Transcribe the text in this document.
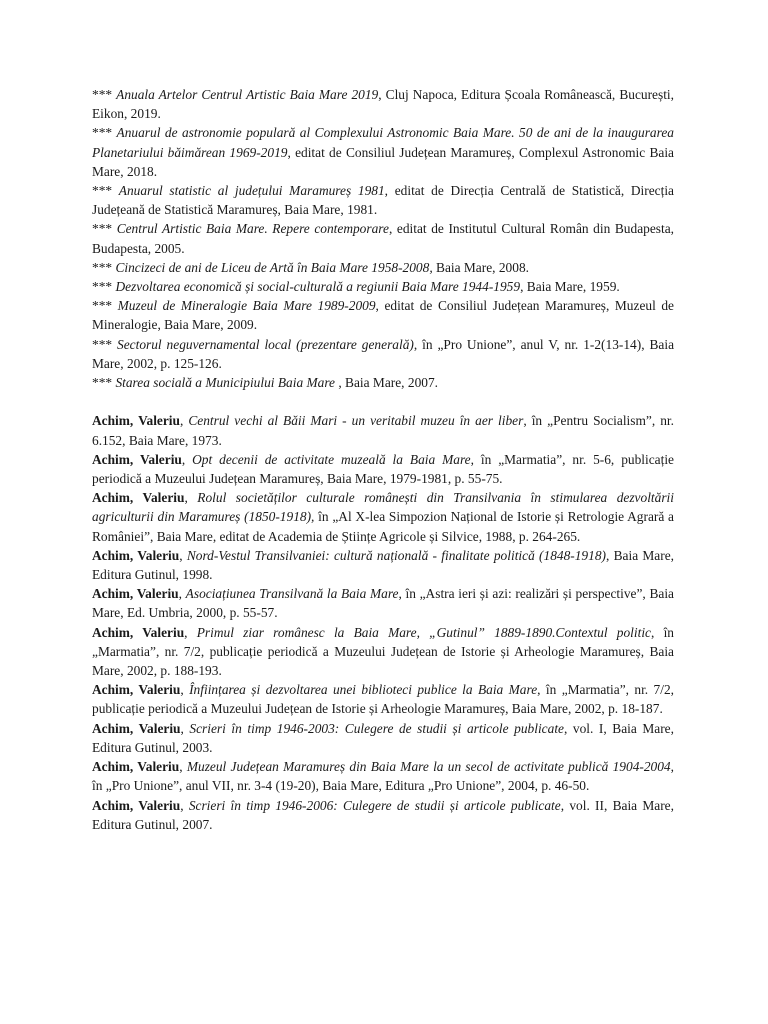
*** Anuala Artelor Centrul Artistic Baia Mare 2019, Cluj Napoca, Editura Școala Românească, București, Eikon, 2019.

*** Anuarul de astronomie populară al Complexului Astronomic Baia Mare. 50 de ani de la inaugurarea Planetariului băimărean 1969-2019, editat de Consiliul Județean Maramureș, Complexul Astronomic Baia Mare, 2018.

*** Anuarul statistic al județului Maramureș 1981, editat de Direcția Centrală de Statistică, Direcția Județeană de Statistică Maramureș, Baia Mare, 1981.

*** Centrul Artistic Baia Mare. Repere contemporare, editat de Institutul Cultural Român din Budapesta, Budapesta, 2005.

*** Cincizeci de ani de Liceu de Artă în Baia Mare 1958-2008, Baia Mare, 2008.

*** Dezvoltarea economică și social-culturală a regiunii Baia Mare 1944-1959, Baia Mare, 1959.

*** Muzeul de Mineralogie Baia Mare 1989-2009, editat de Consiliul Județean Maramureș, Muzeul de Mineralogie, Baia Mare, 2009.

*** Sectorul neguvernamental local (prezentare generală), în „Pro Unione”, anul V, nr. 1-2(13-14), Baia Mare, 2002, p. 125-126.

*** Starea socială a Municipiului Baia Mare , Baia Mare, 2007.

Achim, Valeriu, Centrul vechi al Băii Mari - un veritabil muzeu în aer liber, în „Pentru Socialism”, nr. 6.152, Baia Mare, 1973.

Achim, Valeriu, Opt decenii de activitate muzeală la Baia Mare, în „Marmatia”, nr. 5-6, publicație periodică a Muzeului Județean Maramureș, Baia Mare, 1979-1981, p. 55-75.

Achim, Valeriu, Rolul societăților culturale românești din Transilvania în stimularea dezvoltării agriculturii din Maramureș (1850-1918), în „Al X-lea Simpozion Național de Istorie și Retrologie Agrară a României”, Baia Mare, editat de Academia de Științe Agricole și Silvice, 1988, p. 264-265.

Achim, Valeriu, Nord-Vestul Transilvaniei: cultură națională - finalitate politică (1848-1918), Baia Mare, Editura Gutinul, 1998.

Achim, Valeriu, Asociațiunea Transilvană la Baia Mare, în „Astra ieri și azi: realizări și perspective”, Baia Mare, Ed. Umbria, 2000, p. 55-57.

Achim, Valeriu, Primul ziar românesc la Baia Mare, „Gutinul” 1889-1890.Contextul politic, în „Marmatia”, nr. 7/2, publicație periodică a Muzeului Județean de Istorie și Arheologie Maramureș, Baia Mare, 2002, p. 188-193.

Achim, Valeriu, Înființarea și dezvoltarea unei biblioteci publice la Baia Mare, în „Marmatia”, nr. 7/2, publicație periodică a Muzeului Județean de Istorie și Arheologie Maramureș, Baia Mare, 2002, p. 18-187.

Achim, Valeriu, Scrieri în timp 1946-2003: Culegere de studii și articole publicate, vol. I, Baia Mare, Editura Gutinul, 2003.

Achim, Valeriu, Muzeul Județean Maramureș din Baia Mare la un secol de activitate publică 1904-2004, în „Pro Unione”, anul VII, nr. 3-4 (19-20), Baia Mare, Editura „Pro Unione”, 2004, p. 46-50.

Achim, Valeriu, Scrieri în timp 1946-2006: Culegere de studii și articole publicate, vol. II, Baia Mare, Editura Gutinul, 2007.
